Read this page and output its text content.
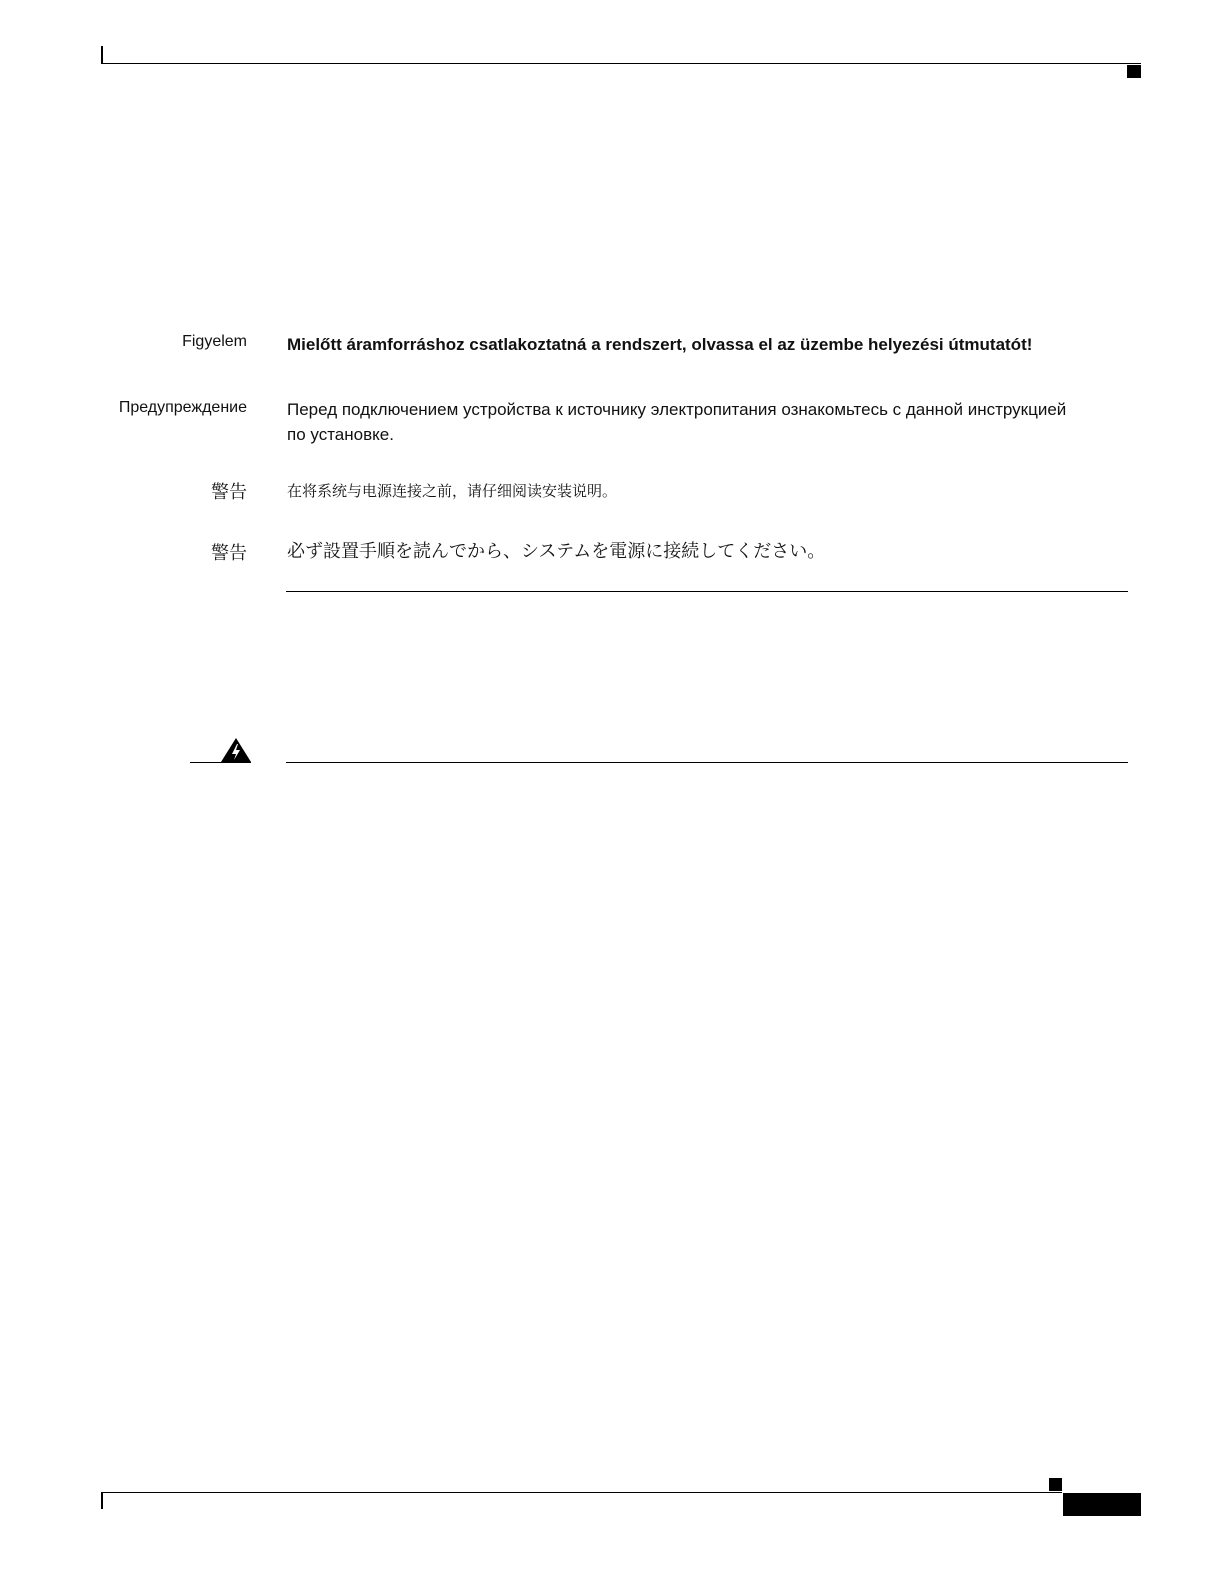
Figyelem Mielőtt áramforráshoz csatlakoztatná a rendszert, olvassa el az üzembe helyezési útmutatót!
Предупреждение Перед подключением устройства к источнику электропитания ознакомьтесь с данной инструкцией по установке.
警告	在将系统与电源连接之前，请仔细阅读安装说明。
警告 必ず設置手順を読んでから、システムを電源に接続してください。
